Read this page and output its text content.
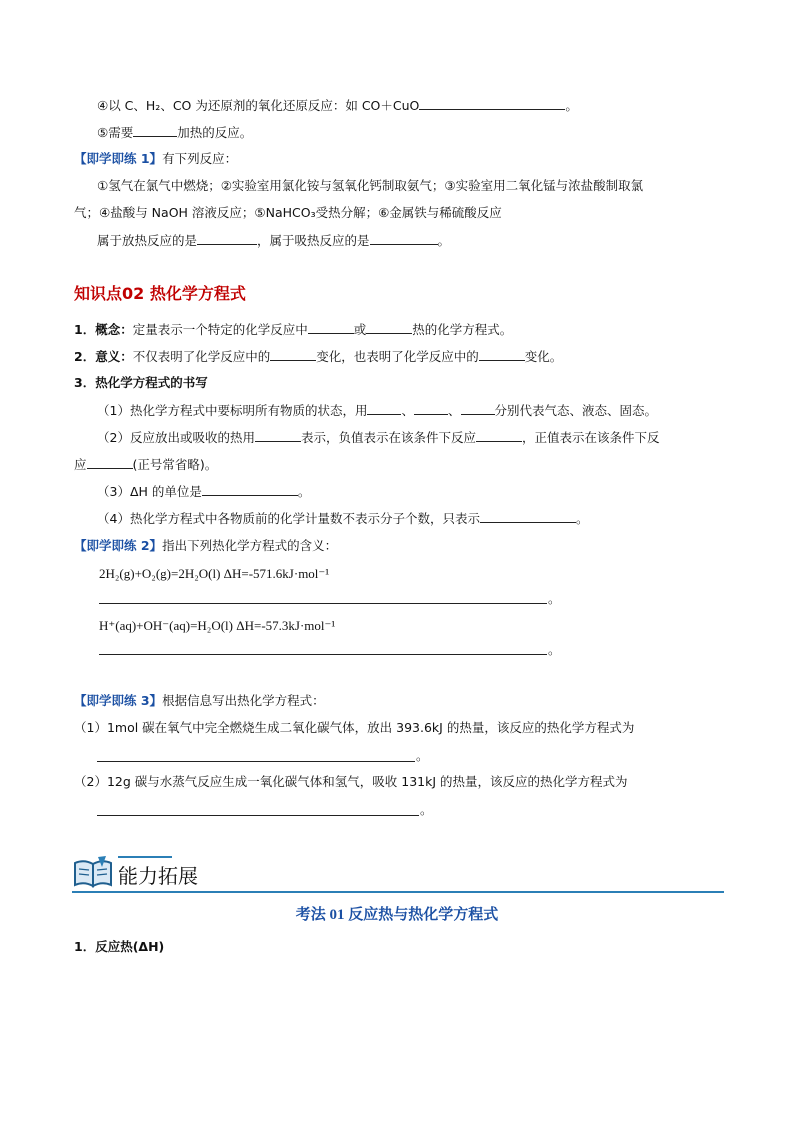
④以 C、H₂、CO 为还原剂的氧化还原反应：如 CO＋CuO	。
⑤需要	加热的反应。
【即学即练 1】有下列反应：
①氢气在氯气中燃烧；②实验室用氯化铵与氢氧化钙制取氨气；③实验室用二氧化锰与浓盐酸制取氯
气；④盐酸与 NaOH 溶液反应；⑤NaHCO₃受热分解；⑥金属铁与稀硫酸反应
属于放热反应的是	，属于吸热反应的是	。
知识点02 热化学方程式
1．概念：定量表示一个特定的化学反应中	或	热的化学方程式。
2．意义：不仅表明了化学反应中的	变化，也表明了化学反应中的	变化。
3．热化学方程式的书写
（1）热化学方程式中要标明所有物质的状态，用	、	、	分别代表气态、液态、固态。
（2）反应放出或吸收的热用	表示，负值表示在该条件下反应	，正值表示在该条件下反
应	(正号常省略)。
（3）ΔH 的单位是	。
（4）热化学方程式中各物质前的化学计量数不表示分子个数，只表示	。
【即学即练 2】指出下列热化学方程式的含义：
2H₂(g)+O₂(g)=2H₂O(l) ΔH=-571.6kJ·mol⁻¹
。
H⁺(aq)+OH⁻(aq)=H₂O(l) ΔH=-57.3kJ·mol⁻¹
。
【即学即练 3】根据信息写出热化学方程式：
（1）1mol 碳在氧气中完全燃烧生成二氧化碳气体，放出 393.6kJ 的热量，该反应的热化学方程式为
。
（2）12g 碳与水蒸气反应生成一氧化碳气体和氢气，吸收 131kJ 的热量，该反应的热化学方程式为
。
能力拓展
考法 01 反应热与热化学方程式
1．反应热(ΔH)
